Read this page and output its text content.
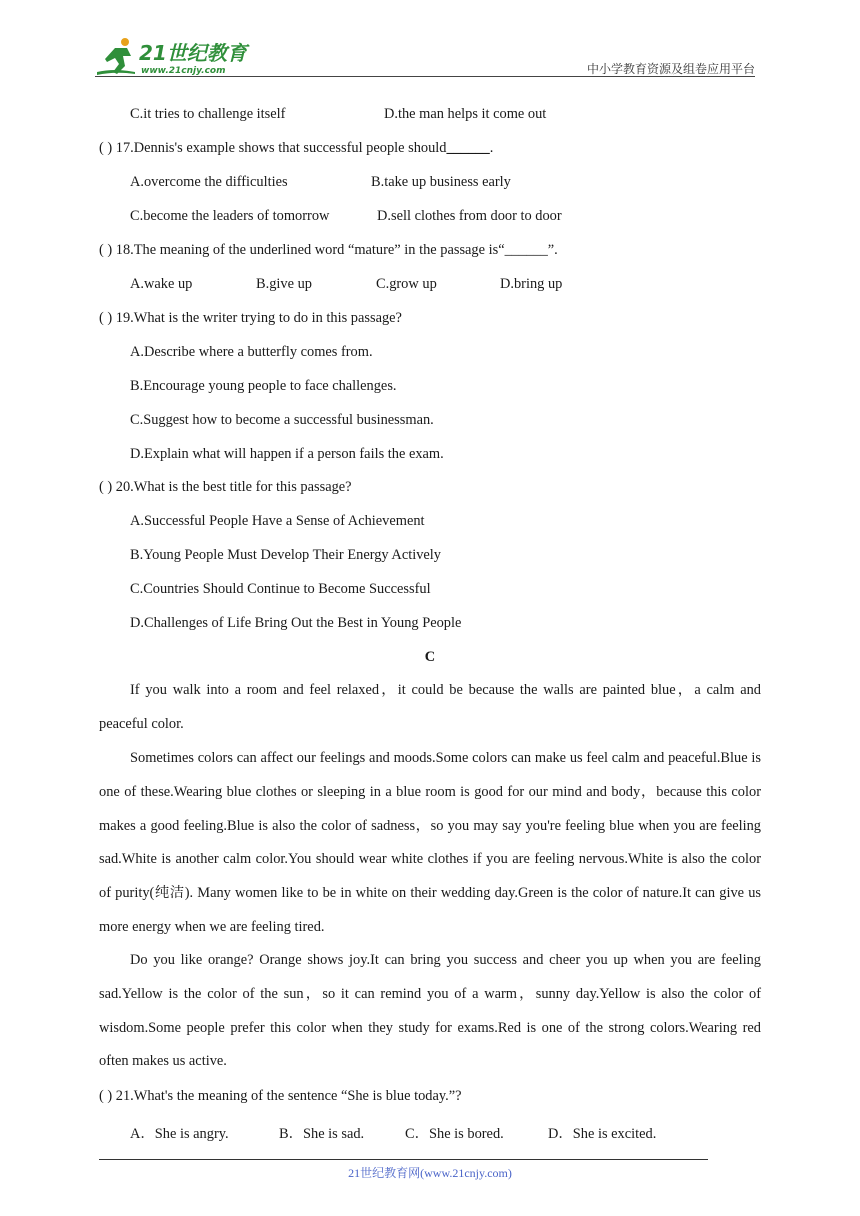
21世纪教育
www.21cnjy.com	中小学教育资源及组卷应用平台
C.it tries to challenge itself	D.the man helps it come out
( ) 17.Dennis's example shows that successful people should______.
A.overcome the difficulties	B.take up business early
C.become the leaders of tomorrow	D.sell clothes from door to door
( ) 18.The meaning of the underlined word “mature” in the passage is“______”.
A.wake up	B.give up	C.grow up	D.bring up
( ) 19.What is the writer trying to do in this passage?
A.Describe where a butterfly comes from.
B.Encourage young people to face challenges.
C.Suggest how to become a successful businessman.
D.Explain what will happen if a person fails the exam.
( ) 20.What is the best title for this passage?
A.Successful People Have a Sense of Achievement
B.Young People Must Develop Their Energy Actively
C.Countries Should Continue to Become Successful
D.Challenges of Life Bring Out the Best in Young People
C
If you walk into a room and feel relaxed，it could be because the walls are painted blue，a calm and peaceful color.
Sometimes colors can affect our feelings and moods.Some colors can make us feel calm and peaceful.Blue is one of these.Wearing blue clothes or sleeping in a blue room is good for our mind and body，because this color makes a good feeling.Blue is also the color of sadness，so you may say you're feeling blue when you are feeling sad.White is another calm color.You should wear white clothes if you are feeling nervous.White is also the color of purity(纯洁). Many women like to be in white on their wedding day.Green is the color of nature.It can give us more energy when we are feeling tired.
Do you like orange? Orange shows joy.It can bring you success and cheer you up when you are feeling sad.Yellow is the color of the sun，so it can remind you of a warm，sunny day.Yellow is also the color of wisdom.Some people prefer this color when they study for exams.Red is one of the strong colors.Wearing red often makes us active.
( ) 21.What's the meaning of the sentence “She is blue today.”?
A．She is angry.	B．She is sad.	C．She is bored.	D．She is excited.
21世纪教育网(www.21cnjy.com)
